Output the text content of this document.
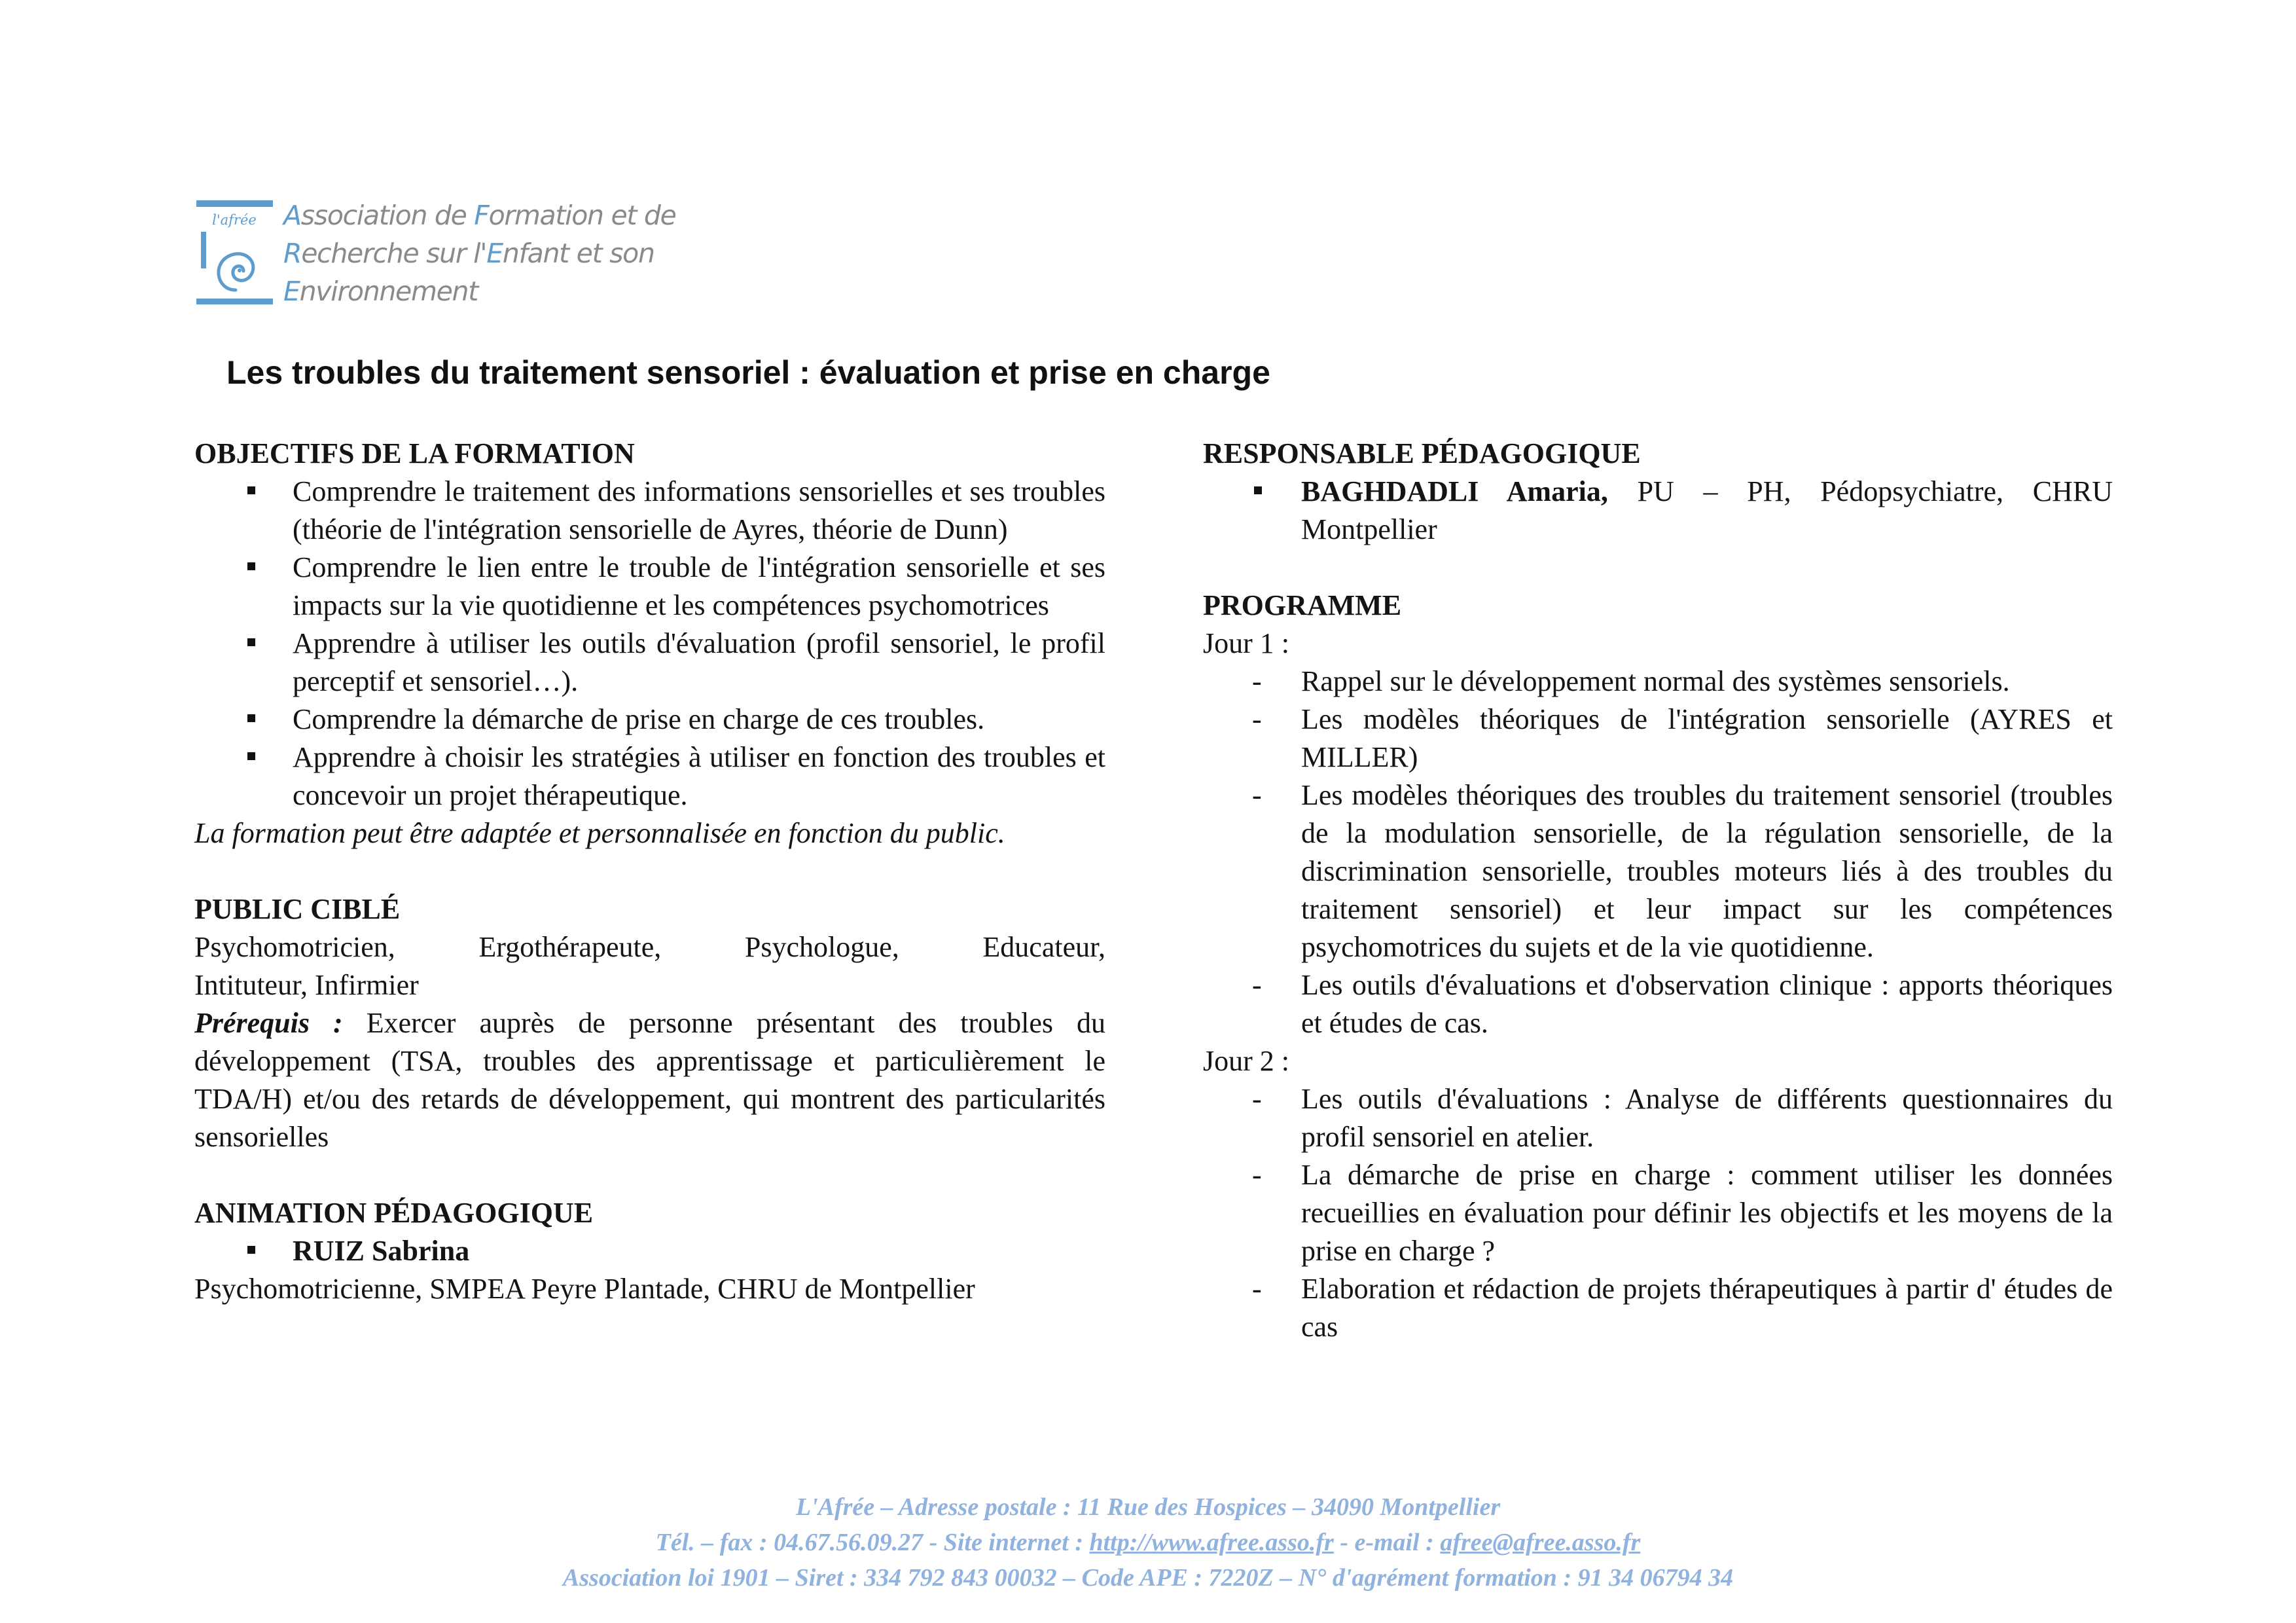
l'afrée Association de Formation et de
Recherche sur l'Enfant et son
Environnement
Les troubles du traitement sensoriel : évaluation et prise en charge

OBJECTIFS DE LA FORMATION

Comprendre le traitement des informations sensorielles et ses troubles (théorie de l'intégration sensorielle de Ayres, théorie de Dunn)
Comprendre le lien entre le trouble de l'intégration sensorielle et ses impacts sur la vie quotidienne et les compétences psychomotrices
Apprendre à utiliser les outils d'évaluation (profil sensoriel, le profil perceptif et sensoriel…).
Comprendre la démarche de prise en charge de ces troubles.
Apprendre à choisir les stratégies à utiliser en fonction des troubles et concevoir un projet thérapeutique.

La formation peut être adaptée et personnalisée en fonction du public.

PUBLIC CIBLÉ

Psychomotricien,	Ergothérapeute,	Psychologue,	Educateur,

Intituteur, Infirmier

Prérequis : Exercer auprès de personne présentant des troubles du développement (TSA, troubles des apprentissage et particulièrement le TDA/H) et/ou des retards de développement, qui montrent des particularités sensorielles

ANIMATION PÉDAGOGIQUE

RUIZ Sabrina

Psychomotricienne, SMPEA Peyre Plantade, CHRU de Montpellier

RESPONSABLE PÉDAGOGIQUE

BAGHDADLI Amaria, PU – PH, Pédopsychiatre, CHRU Montpellier

PROGRAMME

Jour 1 :

- Rappel sur le développement normal des systèmes sensoriels.
- Les modèles théoriques de l'intégration sensorielle (AYRES et MILLER)
- Les modèles théoriques des troubles du traitement sensoriel (troubles de la modulation sensorielle, de la régulation sensorielle, de la discrimination sensorielle, troubles moteurs liés à des troubles du traitement sensoriel) et leur impact sur les compétences psychomotrices du sujets et de la vie quotidienne.
- Les outils d'évaluations et d'observation clinique : apports théoriques et études de cas.

Jour 2 :

- Les outils d'évaluations : Analyse de différents questionnaires du profil sensoriel en atelier.
- La démarche de prise en charge : comment utiliser les données recueillies en évaluation pour définir les objectifs et les moyens de la prise en charge ?
- Elaboration et rédaction de projets thérapeutiques à partir d' études de cas
L'Afrée – Adresse postale : 11 Rue des Hospices – 34090 Montpellier
Tél. – fax : 04.67.56.09.27 - Site internet : http://www.afree.asso.fr - e-mail : afree@afree.asso.fr
Association loi 1901 – Siret : 334 792 843 00032 – Code APE : 7220Z – N° d'agrément formation : 91 34 06794 34
